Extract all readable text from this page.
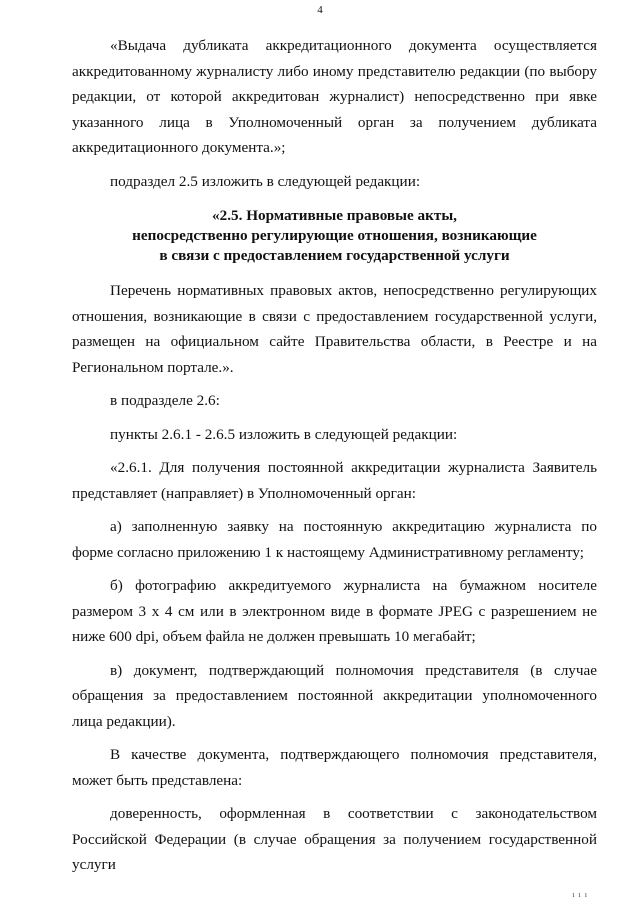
4

«Выдача дубликата аккредитационного документа осуществляется аккредитованному журналисту либо иному представителю редакции (по выбору редакции, от которой аккредитован журналист) непосредственно при явке указанного лица в Уполномоченный орган за получением дубликата аккредитационного документа.»;

подраздел 2.5 изложить в следующей редакции:

«2.5. Нормативные правовые акты,
непосредственно регулирующие отношения, возникающие
в связи с предоставлением государственной услуги

Перечень нормативных правовых актов, непосредственно регулирующих отношения, возникающие в связи с предоставлением государственной услуги, размещен на официальном сайте Правительства области, в Реестре и на Региональном портале.».

в подразделе 2.6:

пункты 2.6.1 - 2.6.5 изложить в следующей редакции:

«2.6.1. Для получения постоянной аккредитации журналиста Заявитель представляет (направляет) в Уполномоченный орган:

а) заполненную заявку на постоянную аккредитацию журналиста по форме согласно приложению 1 к настоящему Административному регламенту;

б) фотографию аккредитуемого журналиста на бумажном носителе размером 3 х 4 см или в электронном виде в формате JPEG с разрешением не ниже 600 dpi, объем файла не должен превышать 10 мегабайт;

в) документ, подтверждающий полномочия представителя (в случае обращения за предоставлением постоянной аккредитации уполномоченного лица редакции).

В качестве документа, подтверждающего полномочия представителя, может быть представлена:

доверенность, оформленная в соответствии с законодательством Российской Федерации (в случае обращения за получением государственной услуги

ı ı ı
